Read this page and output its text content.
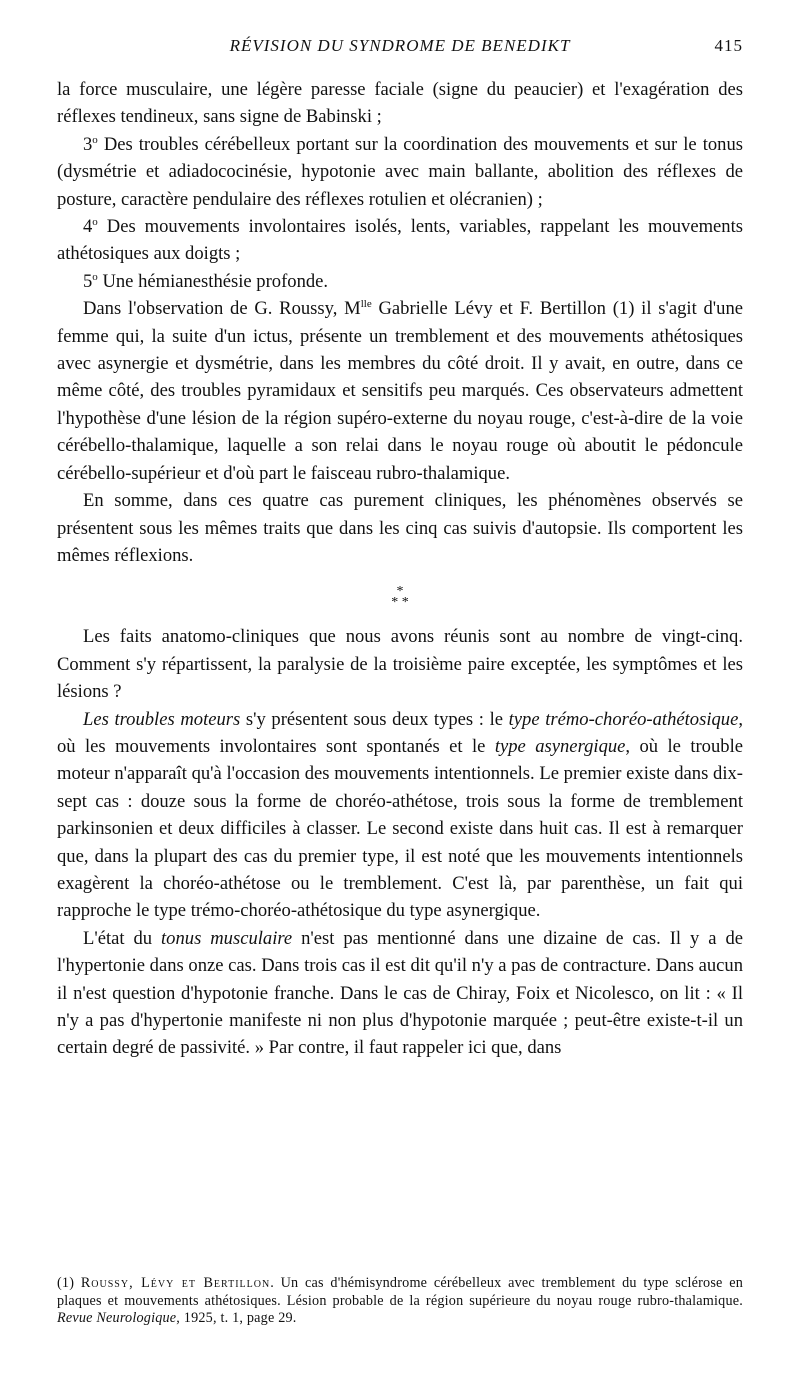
RÉVISION DU SYNDROME DE BENEDIKT	415

la force musculaire, une légère paresse faciale (signe du peaucier) et l'exagération des réflexes tendineux, sans signe de Babinski ;

3$^o$ Des troubles cérébelleux portant sur la coordination des mouvements et sur le tonus (dysmétrie et adiadococinésie, hypotonie avec main ballante, abolition des réflexes de posture, caractère pendulaire des réflexes rotulien et olécranien) ;

4$^o$ Des mouvements involontaires isolés, lents, variables, rappelant les mouvements athétosiques aux doigts ;

5$^o$ Une hémianesthésie profonde.

Dans l'observation de G. Roussy, $M^{lle}$ Gabrielle Lévy et F. Bertillon (1) il s'agit d'une femme qui, la suite d'un ictus, présente un tremblement et des mouvements athétosiques avec asynergie et dysmétrie, dans les membres du côté droit. Il y avait, en outre, dans ce même côté, des troubles pyramidaux et sensitifs peu marqués. Ces observateurs admettent l'hypothèse d'une lésion de la région supéro-externe du noyau rouge, c'est-à-dire de la voie cérébello-thalamique, laquelle a son relai dans le noyau rouge où aboutit le pédoncule cérébello-supérieur et d'où part le faisceau rubro-thalamique.

En somme, dans ces quatre cas purement cliniques, les phénomènes observés se présentent sous les mêmes traits que dans les cinq cas suivis d'autopsie. Ils comportent les mêmes réflexions.

*
* *

Les faits anatomo-cliniques que nous avons réunis sont au nombre de vingt-cinq. Comment s'y répartissent, la paralysie de la troisième paire exceptée, les symptômes et les lésions ?

Les troubles moteurs s'y présentent sous deux types : le type trémo-choréo-athétosique, où les mouvements involontaires sont spontanés et le type asynergique, où le trouble moteur n'apparaît qu'à l'occasion des mouvements intentionnels. Le premier existe dans dix-sept cas : douze sous la forme de choréo-athétose, trois sous la forme de tremblement parkinsonien et deux difficiles à classer. Le second existe dans huit cas. Il est à remarquer que, dans la plupart des cas du premier type, il est noté que les mouvements intentionnels exagèrent la choréo-athétose ou le tremblement. C'est là, par parenthèse, un fait qui rapproche le type trémo-choréo-athétosique du type asynergique.

L'état du tonus musculaire n'est pas mentionné dans une dizaine de cas. Il y a de l'hypertonie dans onze cas. Dans trois cas il est dit qu'il n'y a pas de contracture. Dans aucun il n'est question d'hypotonie franche. Dans le cas de Chiray, Foix et Nicolesco, on lit : « Il n'y a pas d'hypertonie manifeste ni non plus d'hypotonie marquée ; peut-être existe-t-il un certain degré de passivité. » Par contre, il faut rappeler ici que, dans

(1) Roussy, Lévy et Bertillon. Un cas d'hémisyndrome cérébelleux avec tremblement du type sclérose en plaques et mouvements athétosiques. Lésion probable de la région supérieure du noyau rouge rubro-thalamique. Revue Neurologique, 1925, t. 1, page 29.
